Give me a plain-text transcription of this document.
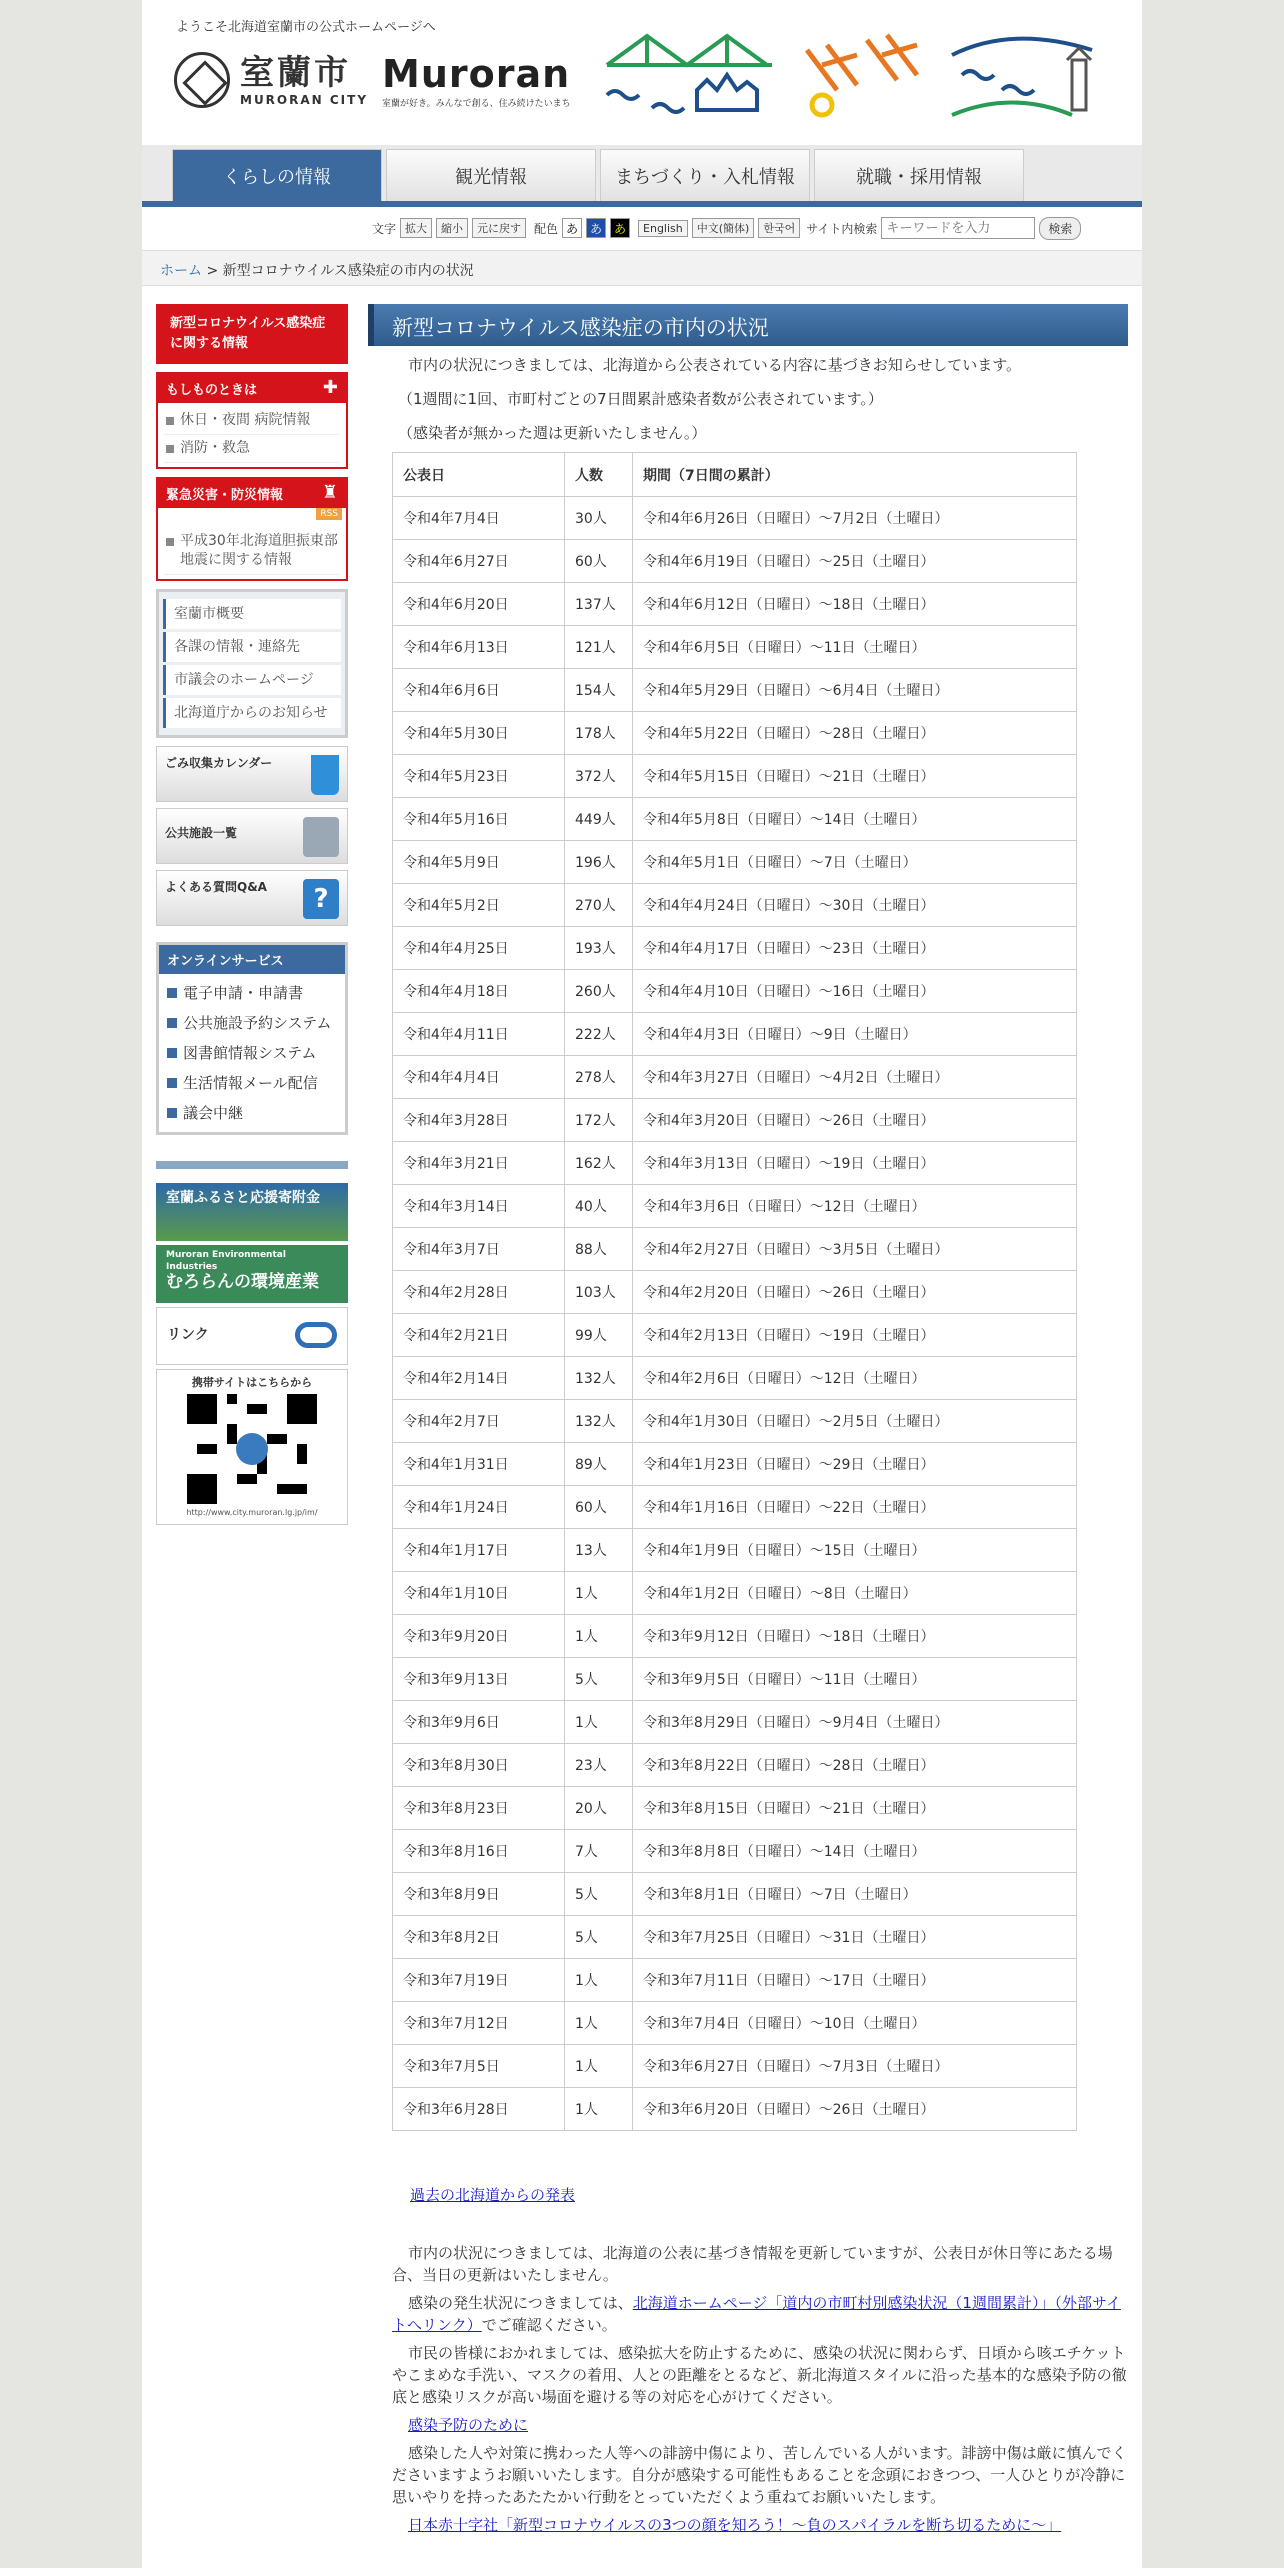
ようこそ北海道室蘭市の公式ホームページへ
室蘭市
MURORAN CITY
Muroran
室蘭が好き。みんなで創る、住み続けたいまち
くらしの情報	観光情報	まちづくり・入札情報	就職・採用情報
文字 拡大	縮小	元に戻す	配色 あ あ あ	English	中文(簡体)	한국어 サイト内検索
キーワードを入力	検索
ホーム > 新型コロナウイルス感染症の市内の状況
新型コロナウイルス感染症に関する情報
もしものときは	✚
休日・夜間 病院情報
消防・救急
緊急災害・防災情報 ♜
RSS
平成30年北海道胆振東部地震に関する情報
室蘭市概要
各課の情報・連絡先
市議会のホームページ
北海道庁からのお知らせ
ごみ収集カレンダー
公共施設一覧
よくある質問Q&A	?
オンラインサービス
電子申請・申請書
公共施設予約システム
図書館情報システム
生活情報メール配信
議会中継
室蘭ふるさと応援寄附金
Muroran Environmental Industries
むろらんの環境産業
リンク
携帯サイトはこちらから
http://www.city.muroran.lg.jp/im/
新型コロナウイルス感染症の市内の状況

市内の状況につきましては、北海道から公表されている内容に基づきお知らせしています。

（1週間に1回、市町村ごとの7日間累計感染者数が公表されています。）

（感染者が無かった週は更新いたしません。）

公表日	人数	期間（7日間の累計）
令和4年7月4日	30人	令和4年6月26日（日曜日）～7月2日（土曜日）
令和4年6月27日	60人	令和4年6月19日（日曜日）～25日（土曜日）
令和4年6月20日	137人	令和4年6月12日（日曜日）～18日（土曜日）
令和4年6月13日	121人	令和4年6月5日（日曜日）～11日（土曜日）
令和4年6月6日	154人	令和4年5月29日（日曜日）～6月4日（土曜日）
令和4年5月30日	178人	令和4年5月22日（日曜日）～28日（土曜日）
令和4年5月23日	372人	令和4年5月15日（日曜日）～21日（土曜日）
令和4年5月16日	449人	令和4年5月8日（日曜日）～14日（土曜日）
令和4年5月9日	196人	令和4年5月1日（日曜日）～7日（土曜日）
令和4年5月2日	270人	令和4年4月24日（日曜日）～30日（土曜日）
令和4年4月25日	193人	令和4年4月17日（日曜日）～23日（土曜日）
令和4年4月18日	260人	令和4年4月10日（日曜日）～16日（土曜日）
令和4年4月11日	222人	令和4年4月3日（日曜日）～9日（土曜日）
令和4年4月4日	278人	令和4年3月27日（日曜日）～4月2日（土曜日）
令和4年3月28日	172人	令和4年3月20日（日曜日）～26日（土曜日）
令和4年3月21日	162人	令和4年3月13日（日曜日）～19日（土曜日）
令和4年3月14日	40人	令和4年3月6日（日曜日）～12日（土曜日）
令和4年3月7日	88人	令和4年2月27日（日曜日）～3月5日（土曜日）
令和4年2月28日	103人	令和4年2月20日（日曜日）～26日（土曜日）
令和4年2月21日	99人	令和4年2月13日（日曜日）～19日（土曜日）
令和4年2月14日	132人	令和4年2月6日（日曜日）～12日（土曜日）
令和4年2月7日	132人	令和4年1月30日（日曜日）～2月5日（土曜日）
令和4年1月31日	89人	令和4年1月23日（日曜日）～29日（土曜日）
令和4年1月24日	60人	令和4年1月16日（日曜日）～22日（土曜日）
令和4年1月17日	13人	令和4年1月9日（日曜日）～15日（土曜日）
令和4年1月10日	1人	令和4年1月2日（日曜日）～8日（土曜日）
令和3年9月20日	1人	令和3年9月12日（日曜日）～18日（土曜日）
令和3年9月13日	5人	令和3年9月5日（日曜日）～11日（土曜日）
令和3年9月6日	1人	令和3年8月29日（日曜日）～9月4日（土曜日）
令和3年8月30日	23人	令和3年8月22日（日曜日）～28日（土曜日）
令和3年8月23日	20人	令和3年8月15日（日曜日）～21日（土曜日）
令和3年8月16日	7人	令和3年8月8日（日曜日）～14日（土曜日）
令和3年8月9日	5人	令和3年8月1日（日曜日）～7日（土曜日）
令和3年8月2日	5人	令和3年7月25日（日曜日）～31日（土曜日）
令和3年7月19日	1人	令和3年7月11日（日曜日）～17日（土曜日）
令和3年7月12日	1人	令和3年7月4日（日曜日）～10日（土曜日）
令和3年7月5日	1人	令和3年6月27日（日曜日）～7月3日（土曜日）
令和3年6月28日	1人	令和3年6月20日（日曜日）～26日（土曜日）
過去の北海道からの発表

市内の状況につきましては、北海道の公表に基づき情報を更新していますが、公表日が休日等にあたる場合、当日の更新はいたしません。

感染の発生状況につきましては、北海道ホームページ「道内の市町村別感染状況（1週間累計）」（外部サイトへリンク）でご確認ください。

市民の皆様におかれましては、感染拡大を防止するために、感染の状況に関わらず、日頃から咳エチケットやこまめな手洗い、マスクの着用、人との距離をとるなど、新北海道スタイルに沿った基本的な感染予防の徹底と感染リスクが高い場面を避ける等の対応を心がけてください。

感染予防のために

感染した人や対策に携わった人等への誹謗中傷により、苦しんでいる人がいます。誹謗中傷は厳に慎んでくださいますようお願いいたします。自分が感染する可能性もあることを念頭におきつつ、一人ひとりが冷静に思いやりを持ったあたたかい行動をとっていただくよう重ねてお願いいたします。

日本赤十字社「新型コロナウイルスの3つの顔を知ろう！～負のスパイラルを断ち切るために～」
